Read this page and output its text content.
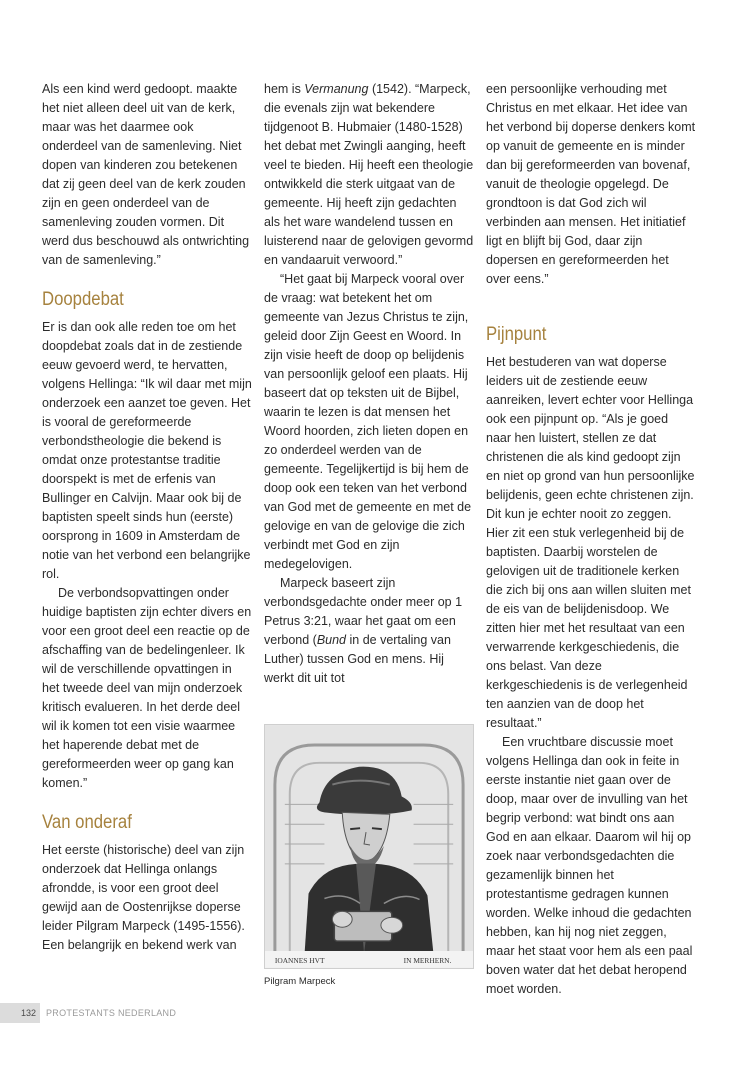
Als een kind werd gedoopt. maakte het niet alleen deel uit van de kerk, maar was het daarmee ook onderdeel van de samenleving. Niet dopen van kinderen zou betekenen dat zij geen deel van de kerk zouden zijn en geen onderdeel van de samenleving zouden vormen. Dit werd dus beschouwd als ontwrichting van de samenleving.”

Doopdebat

Er is dan ook alle reden toe om het doopdebat zoals dat in de zestiende eeuw gevoerd werd, te hervatten, volgens Hellinga: “Ik wil daar met mijn onderzoek een aanzet toe geven. Het is vooral de gereformeerde verbondstheologie die bekend is omdat onze protestantse traditie doorspekt is met de erfenis van Bullinger en Calvijn. Maar ook bij de baptisten speelt sinds hun (eerste) oorsprong in 1609 in Amsterdam de notie van het verbond een belangrijke rol.

De verbondsopvattingen onder huidige baptisten zijn echter divers en voor een groot deel een reactie op de afschaffing van de bedelingenleer. Ik wil de verschillende opvattingen in het tweede deel van mijn onderzoek kritisch evalueren. In het derde deel wil ik komen tot een visie waarmee het haperende debat met de gereformeerden weer op gang kan komen.”

Van onderaf

Het eerste (historische) deel van zijn onderzoek dat Hellinga onlangs afrondde, is voor een groot deel gewijd aan de Oostenrijkse doperse leider Pilgram Marpeck (1495-1556). Een belangrijk en bekend werk van

hem is Vermanung (1542). “Marpeck, die evenals zijn wat bekendere tijdgenoot B. Hubmaier (1480-1528) het debat met Zwingli aanging, heeft veel te bieden. Hij heeft een theologie ontwikkeld die sterk uitgaat van de gemeente. Hij heeft zijn gedachten als het ware wandelend tussen en luisterend naar de gelovigen gevormd en vandaaruit verwoord.”

“Het gaat bij Marpeck vooral over de vraag: wat betekent het om gemeente van Jezus Christus te zijn, geleid door Zijn Geest en Woord. In zijn visie heeft de doop op belijdenis van persoonlijk geloof een plaats. Hij baseert dat op teksten uit de Bijbel, waarin te lezen is dat mensen het Woord hoorden, zich lieten dopen en zo onderdeel werden van de gemeente. Tegelijkertijd is bij hem de doop ook een teken van het verbond van God met de gemeente en met de gelovige en van de gelovige die zich verbindt met God en zijn medegelovigen.

Marpeck baseert zijn verbondsgedachte onder meer op 1 Petrus 3:21, waar het gaat om een verbond (Bund in de vertaling van Luther) tussen God en mens. Hij werkt dit uit tot

IOANNES HVT	IN MERHERN.
Pilgram Marpeck

een persoonlijke verhouding met Christus en met elkaar. Het idee van het verbond bij doperse denkers komt op vanuit de gemeente en is minder dan bij gereformeerden van bovenaf, vanuit de theologie opgelegd. De grondtoon is dat God zich wil verbinden aan mensen. Het initiatief ligt en blijft bij God, daar zijn dopersen en gereformeerden het over eens.”

Pijnpunt

Het bestuderen van wat doperse leiders uit de zestiende eeuw aanreiken, levert echter voor Hellinga ook een pijnpunt op. “Als je goed naar hen luistert, stellen ze dat christenen die als kind gedoopt zijn en niet op grond van hun persoonlijke belijdenis, geen echte christenen zijn. Dit kun je echter nooit zo zeggen. Hier zit een stuk verlegenheid bij de baptisten. Daarbij worstelen de gelovigen uit de traditionele kerken die zich bij ons aan willen sluiten met de eis van de belijdenisdoop. We zitten hier met het resultaat van een verwarrende kerkgeschiedenis, die ons belast. Van deze kerkgeschiedenis is de verlegenheid ten aanzien van de doop het resultaat.”

Een vruchtbare discussie moet volgens Hellinga dan ook in feite in eerste instantie niet gaan over de doop, maar over de invulling van het begrip verbond: wat bindt ons aan God en aan elkaar. Daarom wil hij op zoek naar verbondsgedachten die gezamenlijk binnen het protestantisme gedragen kunnen worden. Welke inhoud die gedachten hebben, kan hij nog niet zeggen, maar het staat voor hem als een paal boven water dat het debat heropend moet worden.

132	PROTESTANTS NEDERLAND
